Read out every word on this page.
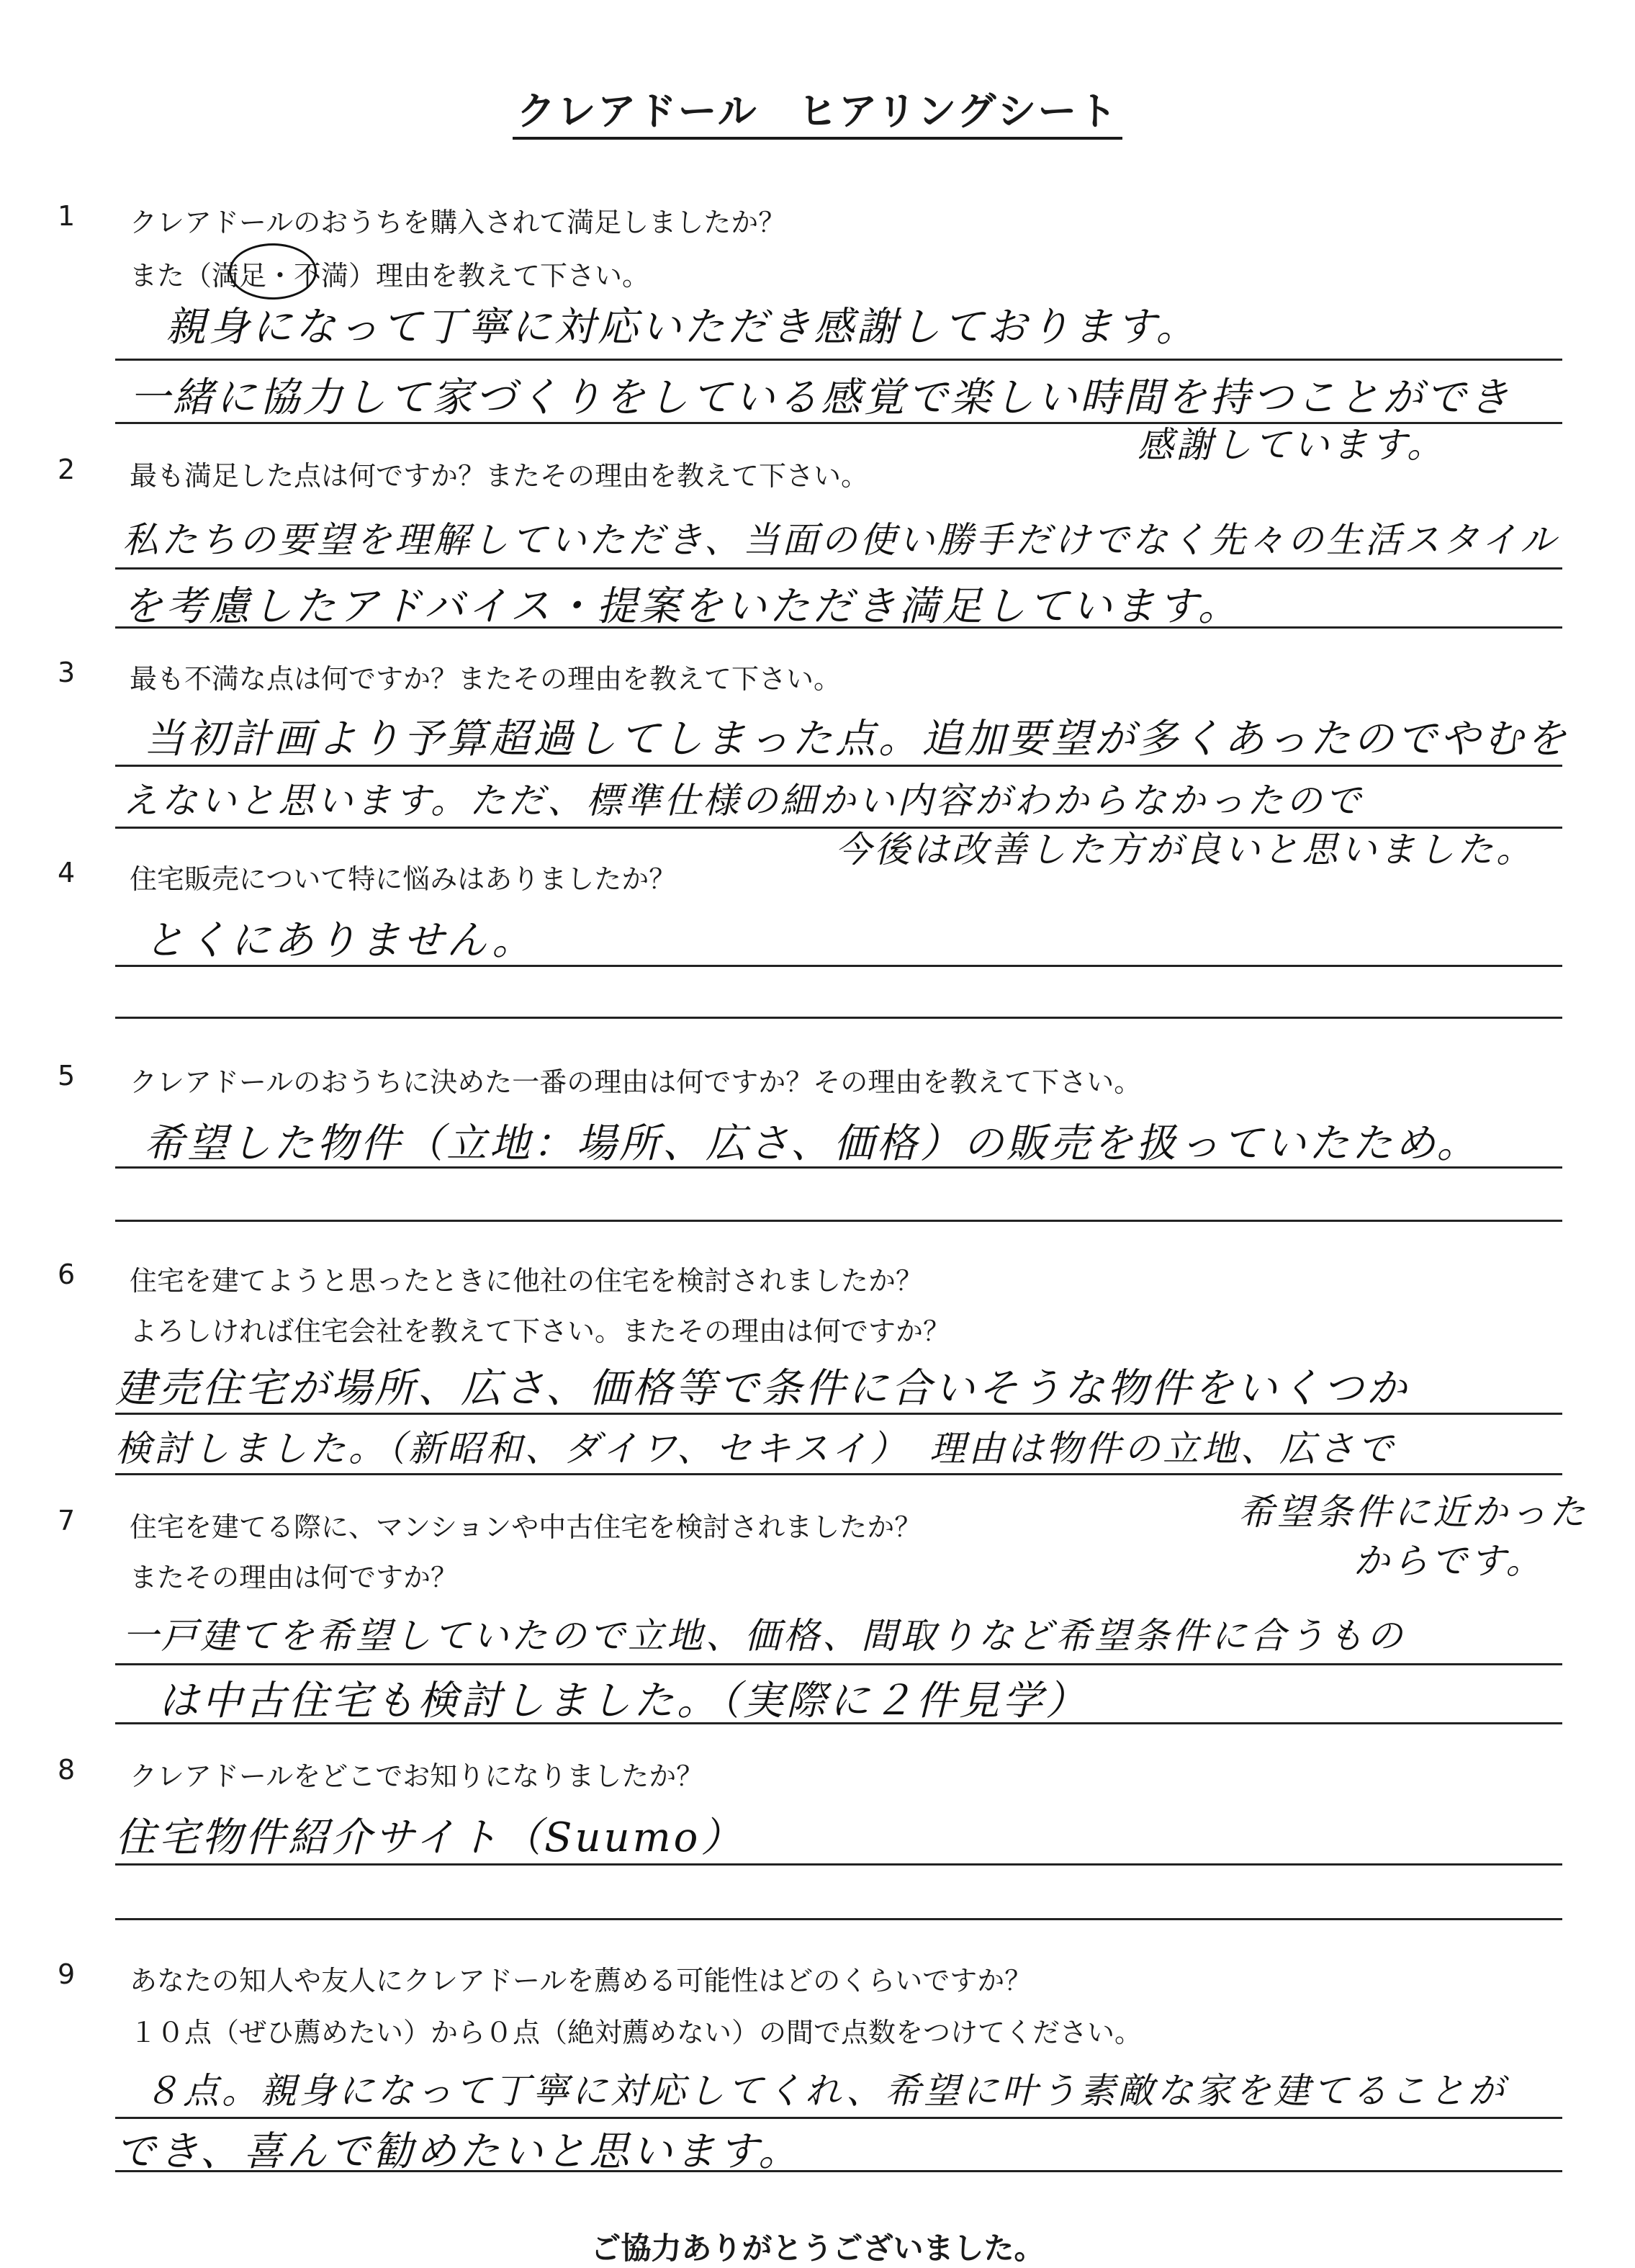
クレアドール　ヒアリングシート
1 クレアドールのおうちを購入されて満足しましたか？
また（満足・不満）理由を教えて下さい。
親身になって丁寧に対応いただき感謝しております。
一緒に協力して家づくりをしている感覚で楽しい時間を持つことができ
感謝しています。
2 最も満足した点は何ですか？またその理由を教えて下さい。
私たちの要望を理解していただき、当面の使い勝手だけでなく先々の生活スタイル
を考慮したアドバイス・提案をいただき満足しています。
3 最も不満な点は何ですか？またその理由を教えて下さい。
当初計画より予算超過してしまった点。追加要望が多くあったのでやむを
えないと思います。ただ、標準仕様の細かい内容がわからなかったので
今後は改善した方が良いと思いました。
4 住宅販売について特に悩みはありましたか？
とくにありません。
5 クレアドールのおうちに決めた一番の理由は何ですか？その理由を教えて下さい。
希望した物件（立地：場所、広さ、価格）の販売を扱っていたため。
6 住宅を建てようと思ったときに他社の住宅を検討されましたか？
よろしければ住宅会社を教えて下さい。またその理由は何ですか？
建売住宅が場所、広さ、価格等で条件に合いそうな物件をいくつか
検討しました。（新昭和、ダイワ、セキスイ）　理由は物件の立地、広さで
希望条件に近かった
からです。
7 住宅を建てる際に、マンションや中古住宅を検討されましたか？
またその理由は何ですか？
一戸建てを希望していたので立地、価格、間取りなど希望条件に合うもの
は中古住宅も検討しました。（実際に２件見学）
8 クレアドールをどこでお知りになりましたか？
住宅物件紹介サイト（Suumo）
9 あなたの知人や友人にクレアドールを薦める可能性はどのくらいですか？
１０点（ぜひ薦めたい）から０点（絶対薦めない）の間で点数をつけてください。
８点。親身になって丁寧に対応してくれ、希望に叶う素敵な家を建てることが
でき、喜んで勧めたいと思います。
ご協力ありがとうございました。
